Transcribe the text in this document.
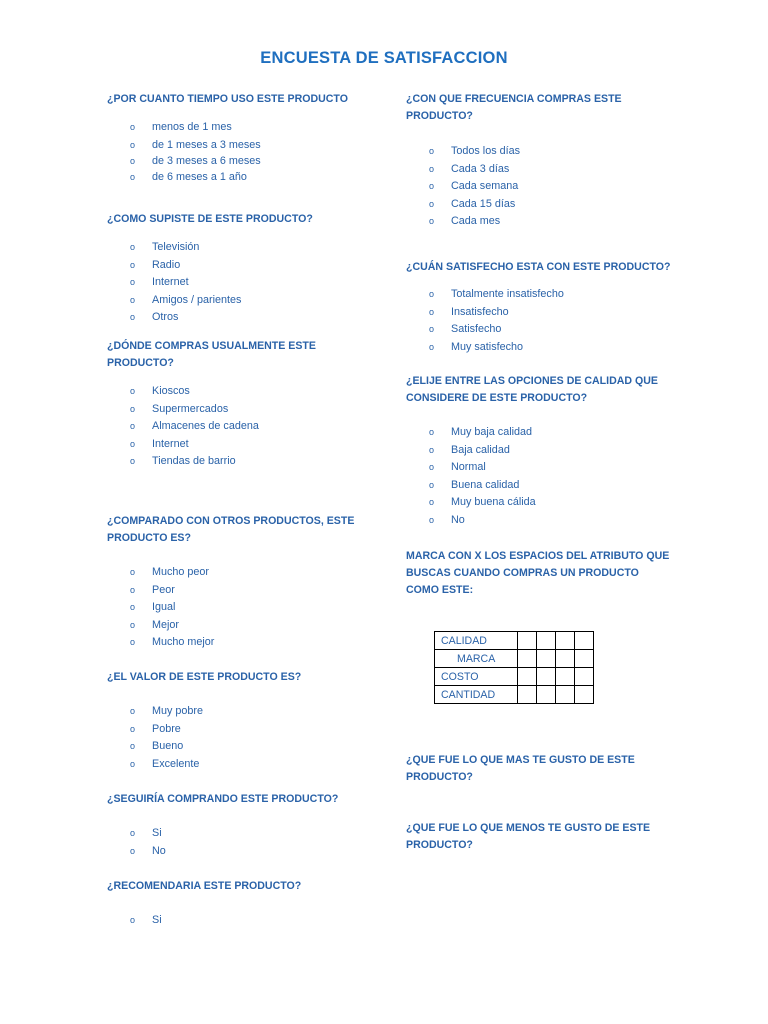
ENCUESTA DE SATISFACCION
¿POR CUANTO TIEMPO USO ESTE PRODUCTO
o menos de 1 mes
o de 1 meses a 3 meses
o de 3 meses a 6 meses
o de 6 meses a 1 año
¿COMO SUPISTE DE ESTE PRODUCTO?
o Televisión
o Radio
o Internet
o Amigos / parientes
o Otros
¿DÓNDE COMPRAS USUALMENTE ESTE
PRODUCTO?
o Kioscos
o Supermercados
o Almacenes de cadena
o Internet
o Tiendas de barrio
¿COMPARADO CON OTROS PRODUCTOS, ESTE
PRODUCTO ES?
o Mucho peor
o Peor
o Igual
o Mejor
o Mucho mejor
¿EL VALOR DE ESTE PRODUCTO ES?
o Muy pobre
o Pobre
o Bueno
o Excelente
¿SEGUIRÍA COMPRANDO ESTE PRODUCTO?
o Si
o No
¿RECOMENDARIA ESTE PRODUCTO?
o Si
¿CON QUE FRECUENCIA COMPRAS ESTE
PRODUCTO?
o Todos los días
o Cada 3 días
o Cada semana
o Cada 15 días
o Cada mes
¿CUÁN SATISFECHO ESTA CON ESTE PRODUCTO?
o Totalmente insatisfecho
o Insatisfecho
o Satisfecho
o Muy satisfecho
¿ELIJE ENTRE LAS OPCIONES DE CALIDAD QUE
CONSIDERE DE ESTE PRODUCTO?
o Muy baja calidad
o Baja calidad
o Normal
o Buena calidad
o Muy buena cálida
o No
MARCA CON X LOS ESPACIOS DEL ATRIBUTO QUE
BUSCAS CUANDO COMPRAS UN PRODUCTO
COMO ESTE:
CALIDAD				
MARCA				
COSTO				
CANTIDAD				
¿QUE FUE LO QUE MAS TE GUSTO DE ESTE
PRODUCTO?
¿QUE FUE LO QUE MENOS TE GUSTO DE ESTE
PRODUCTO?
